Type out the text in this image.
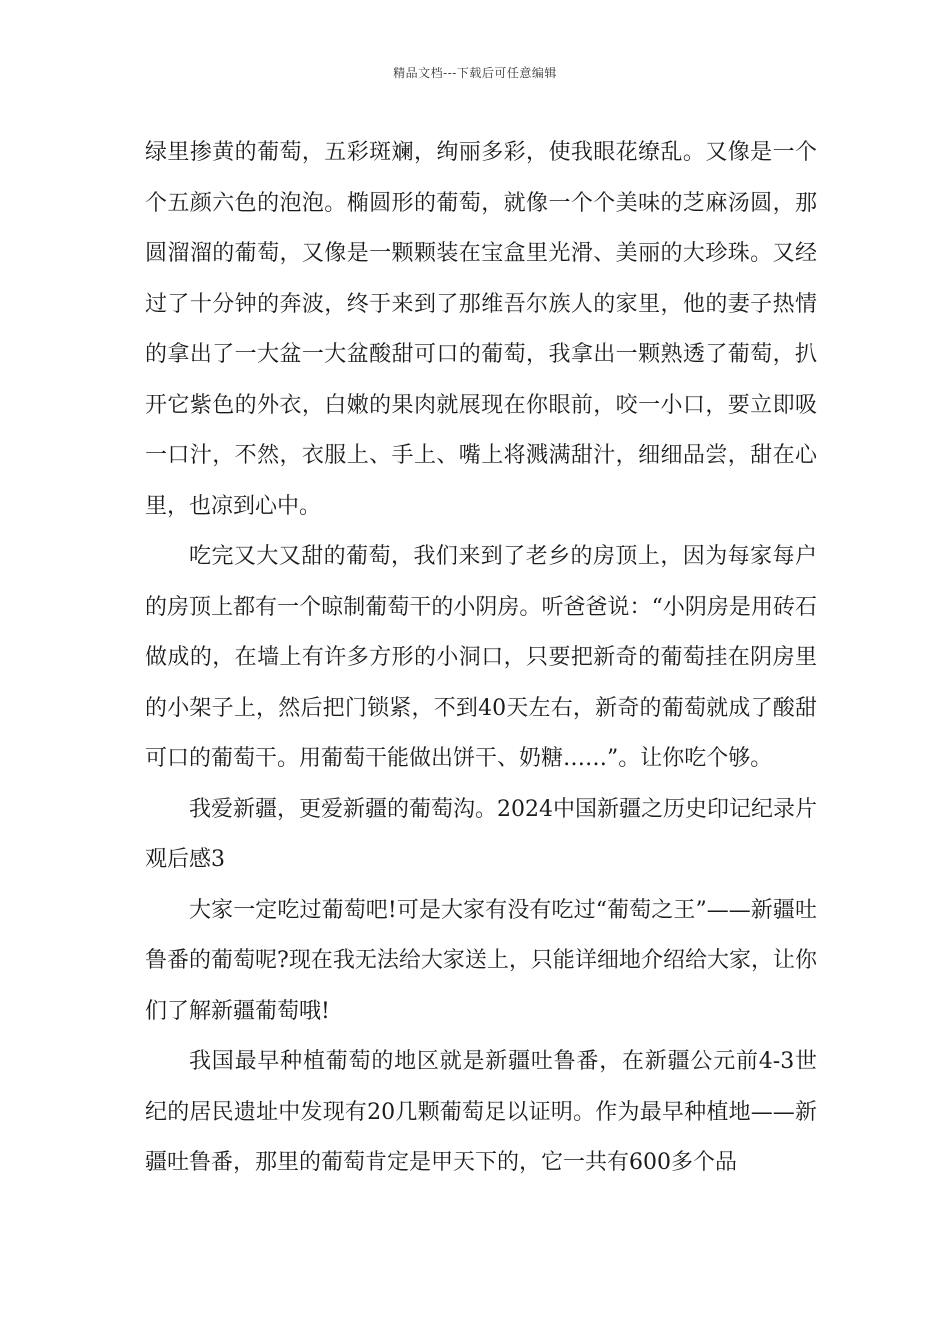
精品文档---下载后可任意编辑

绿里掺黄的葡萄，五彩斑斓，绚丽多彩，使我眼花缭乱。又像是一个个五颜六色的泡泡。椭圆形的葡萄，就像一个个美味的芝麻汤圆，那圆溜溜的葡萄，又像是一颗颗装在宝盒里光滑、美丽的大珍珠。又经过了十分钟的奔波，终于来到了那维吾尔族人的家里，他的妻子热情的拿出了一大盆一大盆酸甜可口的葡萄，我拿出一颗熟透了葡萄，扒开它紫色的外衣，白嫩的果肉就展现在你眼前，咬一小口，要立即吸一口汁，不然，衣服上、手上、嘴上将溅满甜汁，细细品尝，甜在心里，也凉到心中。

吃完又大又甜的葡萄，我们来到了老乡的房顶上，因为每家每户的房顶上都有一个晾制葡萄干的小阴房。听爸爸说：“小阴房是用砖石做成的，在墙上有许多方形的小洞口，只要把新奇的葡萄挂在阴房里的小架子上，然后把门锁紧，不到40天左右，新奇的葡萄就成了酸甜可口的葡萄干。用葡萄干能做出饼干、奶糖……”。让你吃个够。

我爱新疆，更爱新疆的葡萄沟。2024中国新疆之历史印记纪录片观后感3

大家一定吃过葡萄吧!可是大家有没有吃过“葡萄之王”——新疆吐鲁番的葡萄呢?现在我无法给大家送上，只能详细地介绍给大家，让你们了解新疆葡萄哦!

我国最早种植葡萄的地区就是新疆吐鲁番，在新疆公元前4-3世纪的居民遗址中发现有20几颗葡萄足以证明。作为最早种植地——新疆吐鲁番，那里的葡萄肯定是甲天下的，它一共有600多个品
